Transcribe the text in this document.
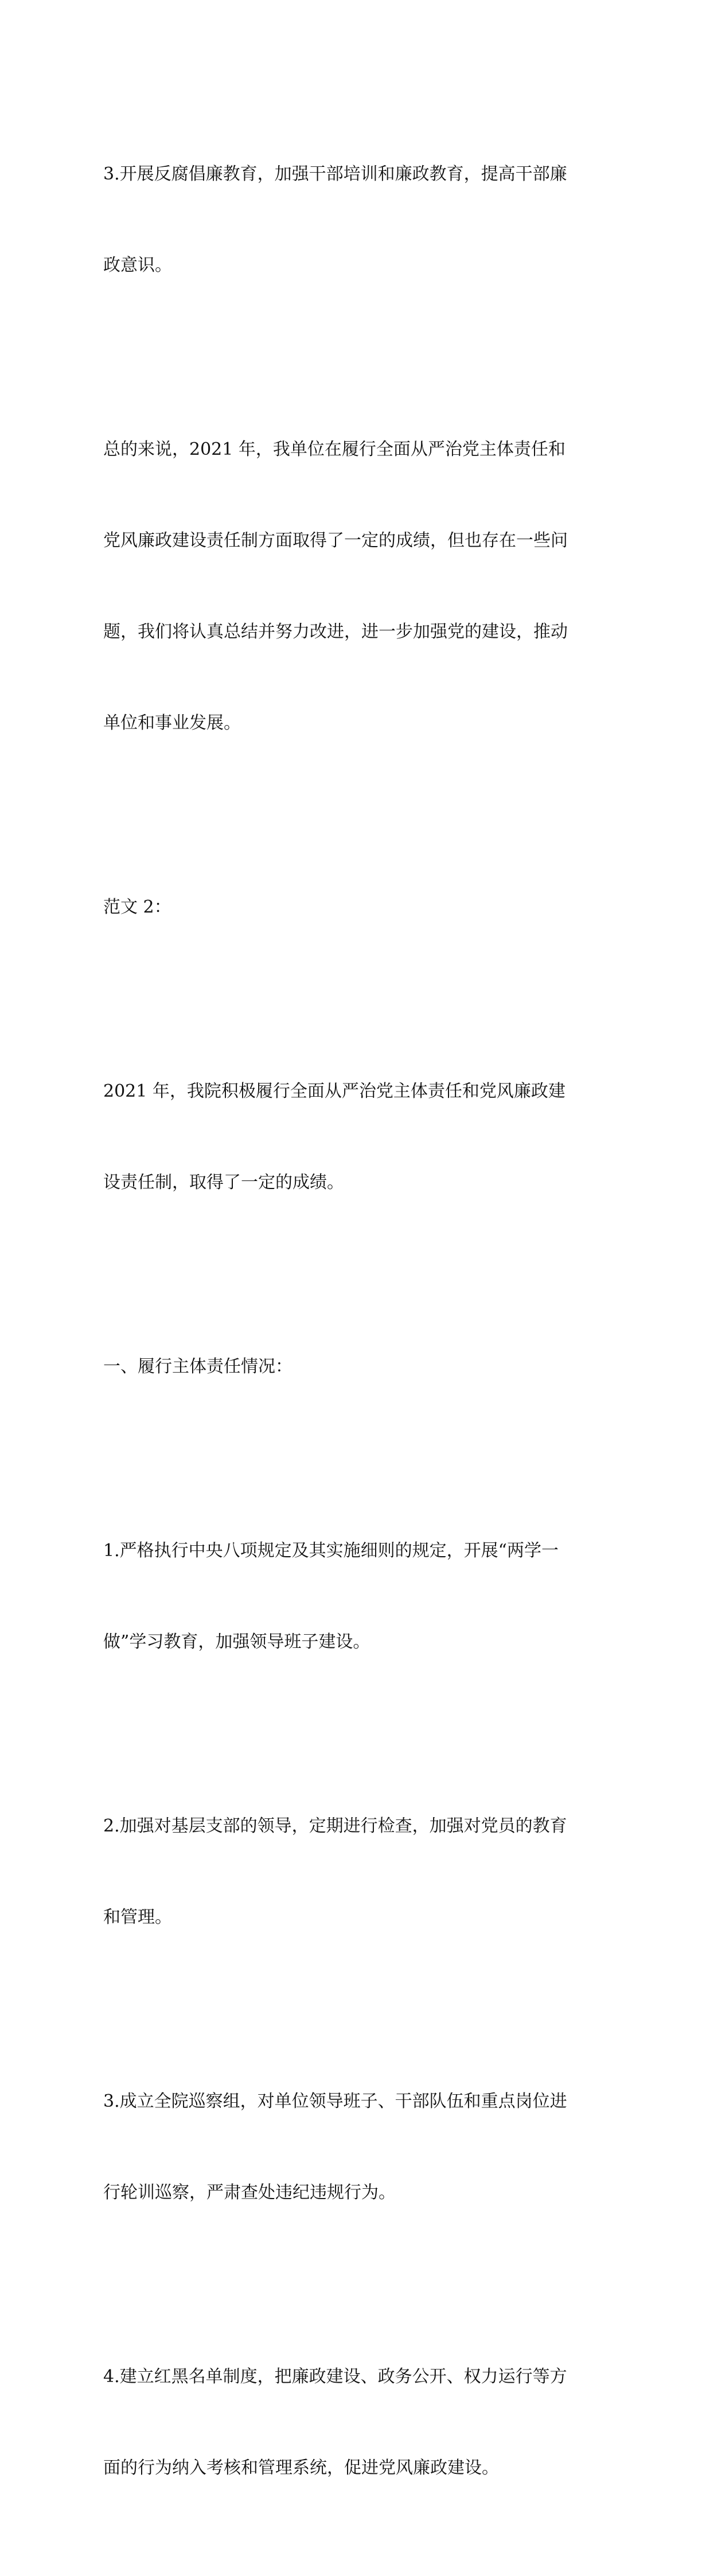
3.开展反腐倡廉教育，加强干部培训和廉政教育，提高干部廉

政意识。

总的来说，2021 年，我单位在履行全面从严治党主体责任和

党风廉政建设责任制方面取得了一定的成绩，但也存在一些问

题，我们将认真总结并努力改进，进一步加强党的建设，推动

单位和事业发展。

范文 2：

2021 年，我院积极履行全面从严治党主体责任和党风廉政建

设责任制，取得了一定的成绩。

一、履行主体责任情况：

1.严格执行中央八项规定及其实施细则的规定，开展“两学一

做”学习教育，加强领导班子建设。

2.加强对基层支部的领导，定期进行检查，加强对党员的教育

和管理。

3.成立全院巡察组，对单位领导班子、干部队伍和重点岗位进

行轮训巡察，严肃查处违纪违规行为。

4.建立红黑名单制度，把廉政建设、政务公开、权力运行等方

面的行为纳入考核和管理系统，促进党风廉政建设。
